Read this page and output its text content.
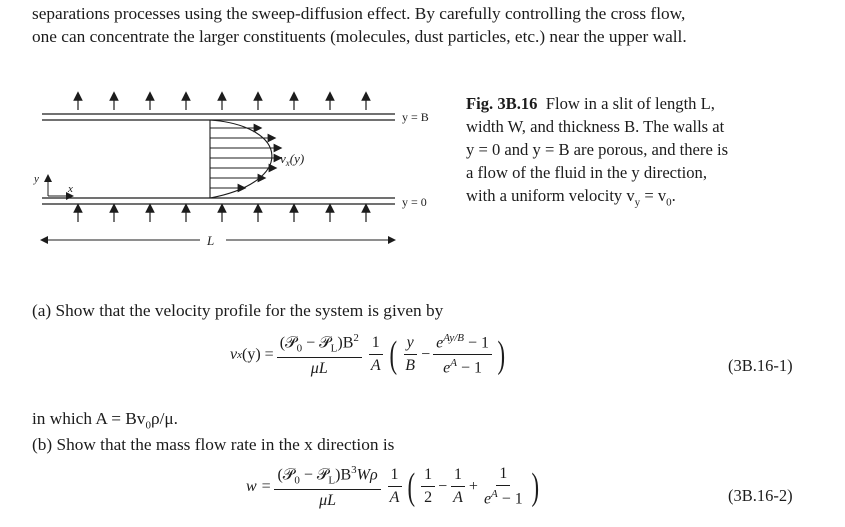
separations processes using the sweep-diffusion effect. By carefully controlling the cross flow,
one can concentrate the larger constituents (molecules, dust particles, etc.) near the upper wall.
y = B
y = 0
$v_x(y)$
y
x
L
Fig. 3B.16 Flow in a slit of length L,
width W, and thickness B. The walls at
y = 0 and y = B are porous, and there is
a flow of the fluid in the y direction,
with a uniform velocity $v_y = v_0$.
(a) Show that the velocity profile for the system is given by
v x $(y) = \frac{(𝒫_0 - 𝒫_L)B^2}{\mu L} \frac{1}{A}$ ( $\frac{y}{B} - \frac{e^{Ay/B} - 1}{e^A - 1}$ )	(3B.16-1)
in which $A = Bv_0\rho/\mu$.
(b) Show that the mass flow rate in the x direction is
$w = \frac{(𝒫_0 - 𝒫_L)B^3W\rho}{\mu L} \frac{1}{A}$ ( $\frac{1}{2} - \frac{1}{A} + \frac{1}{e^A - 1}$ )	(3B.16-2)
